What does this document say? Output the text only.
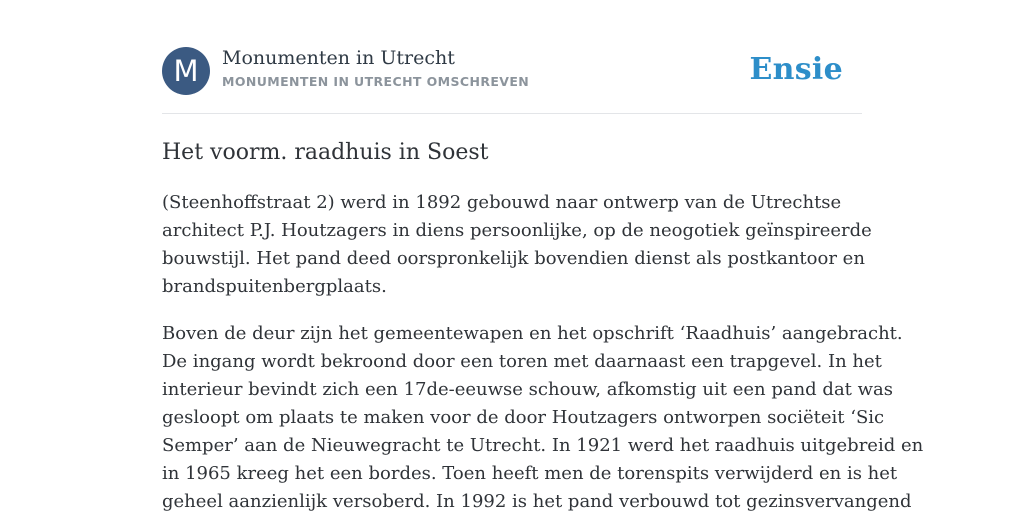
M	Monumenten in Utrecht
MONUMENTEN IN UTRECHT OMSCHREVEN	Ensie
Het voorm. raadhuis in Soest
(Steenhoffstraat 2) werd in 1892 gebouwd naar ontwerp van de Utrechtse
architect P.J. Houtzagers in diens persoonlijke, op de neogotiek geïnspireerde
bouwstijl. Het pand deed oorspronkelijk bovendien dienst als postkantoor en
brandspuitenbergplaats.
Boven de deur zijn het gemeentewapen en het opschrift ‘Raadhuis’ aangebracht.
De ingang wordt bekroond door een toren met daarnaast een trapgevel. In het
interieur bevindt zich een 17de-eeuwse schouw, afkomstig uit een pand dat was
gesloopt om plaats te maken voor de door Houtzagers ontworpen sociëteit ‘Sic
Semper’ aan de Nieuwegracht te Utrecht. In 1921 werd het raadhuis uitgebreid en
in 1965 kreeg het een bordes. Toen heeft men de torenspits verwijderd en is het
geheel aanzienlijk versoberd. In 1992 is het pand verbouwd tot gezinsvervangend
